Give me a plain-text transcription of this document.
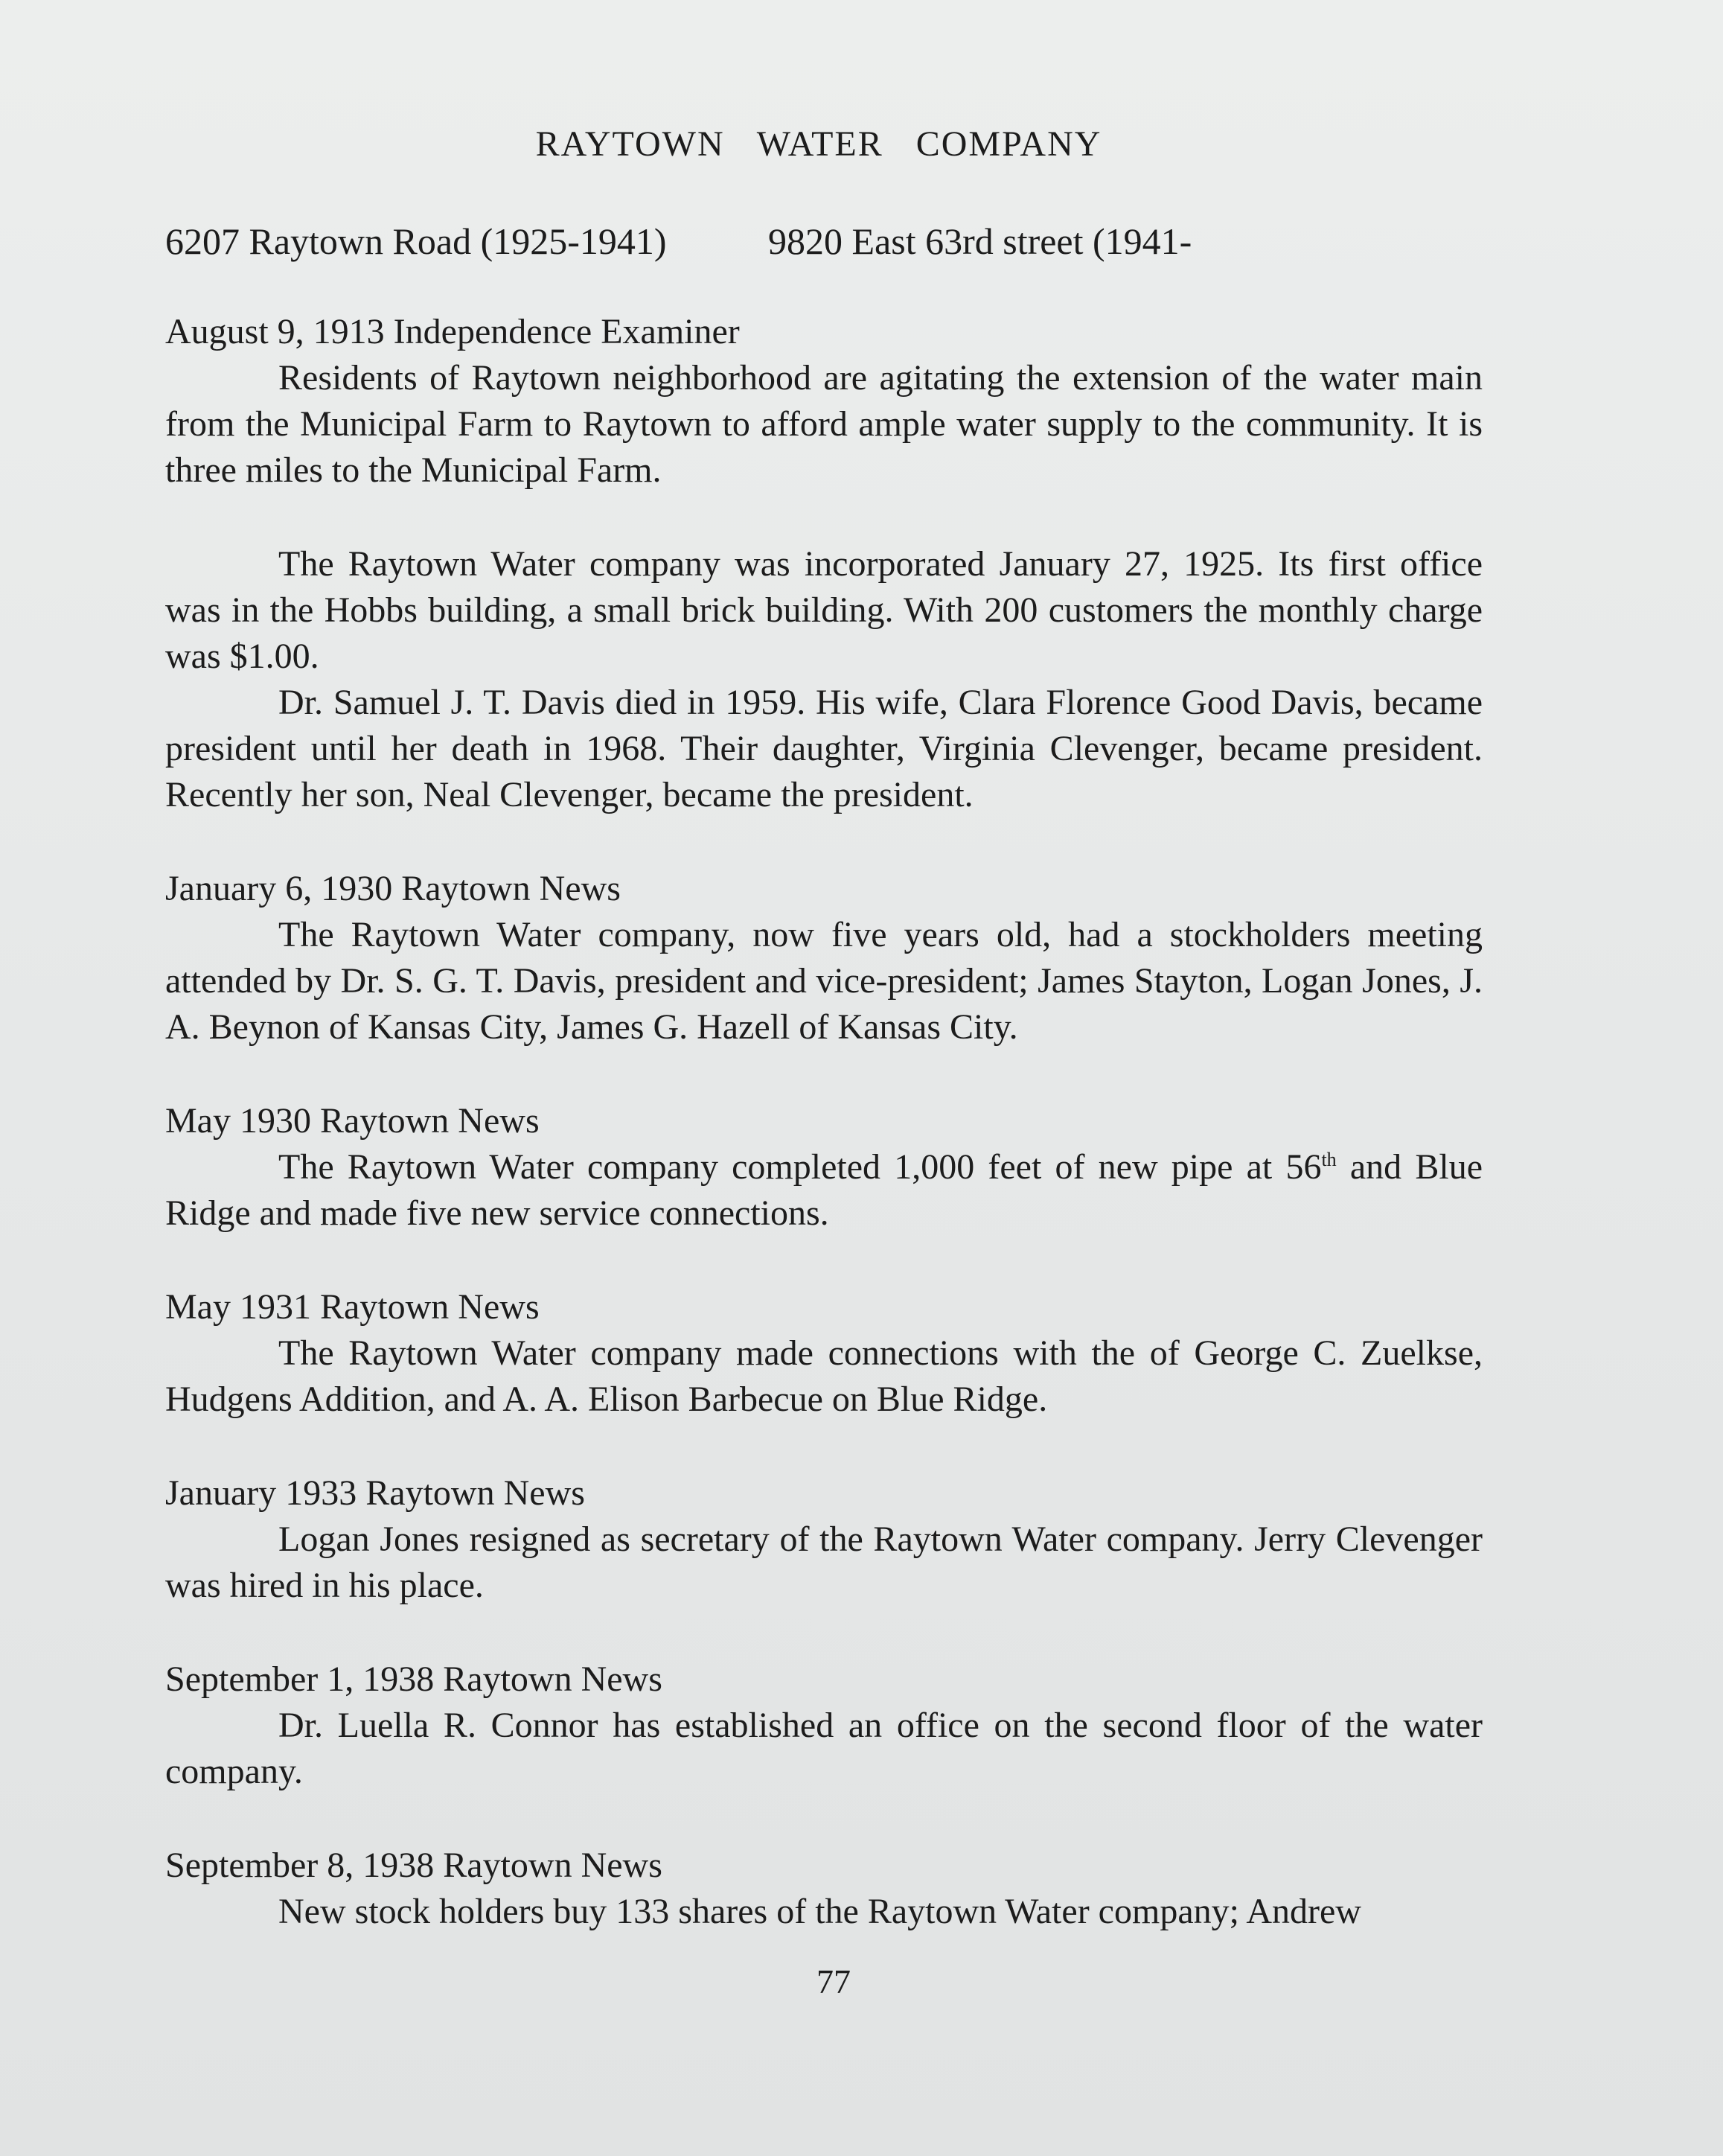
RAYTOWN WATER COMPANY
6207 Raytown Road (1925-1941)	9820 East 63rd street (1941-
August 9, 1913 Independence Examiner

Residents of Raytown neighborhood are agitating the extension of the water main from the Municipal Farm to Raytown to afford ample water supply to the community. It is three miles to the Municipal Farm.

The Raytown Water company was incorporated January 27, 1925. Its first office was in the Hobbs building, a small brick building. With 200 customers the monthly charge was $1.00.

Dr. Samuel J. T. Davis died in 1959. His wife, Clara Florence Good Davis, became president until her death in 1968. Their daughter, Virginia Clevenger, became president. Recently her son, Neal Clevenger, became the president.

January 6, 1930 Raytown News

The Raytown Water company, now five years old, had a stockholders meeting attended by Dr. S. G. T. Davis, president and vice-president; James Stayton, Logan Jones, J. A. Beynon of Kansas City, James G. Hazell of Kansas City.

May 1930 Raytown News

The Raytown Water company completed 1,000 feet of new pipe at 56th and Blue Ridge and made five new service connections.

May 1931 Raytown News

The Raytown Water company made connections with the of George C. Zuelkse, Hudgens Addition, and A. A. Elison Barbecue on Blue Ridge.

January 1933 Raytown News

Logan Jones resigned as secretary of the Raytown Water company. Jerry Clevenger was hired in his place.

September 1, 1938 Raytown News

Dr. Luella R. Connor has established an office on the second floor of the water company.

September 8, 1938 Raytown News

New stock holders buy 133 shares of the Raytown Water company; Andrew

77
